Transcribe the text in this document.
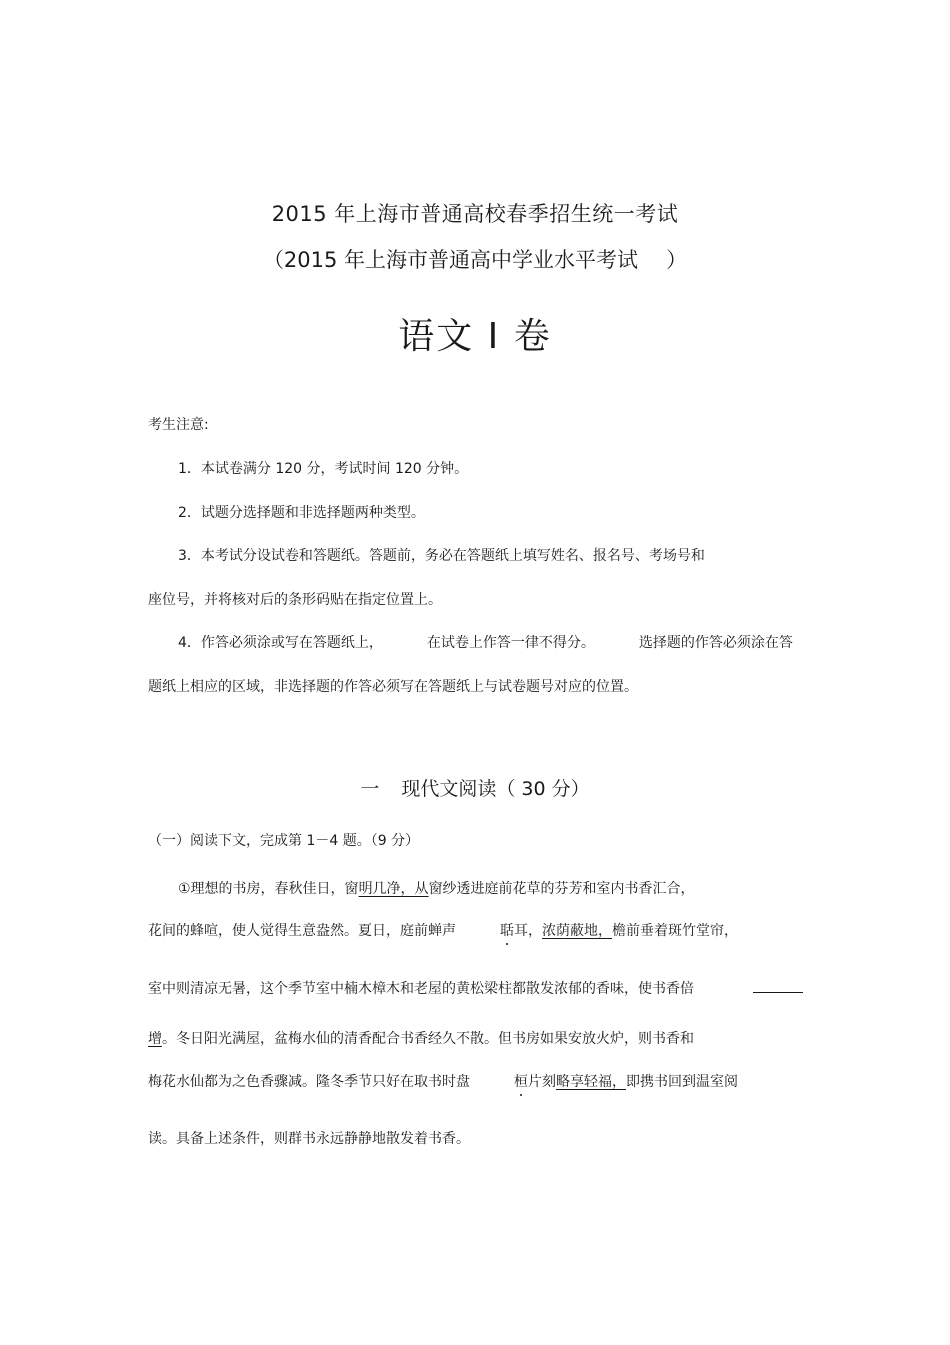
2015 年上海市普通高校春季招生统一考试
（2015 年上海市普通高中学业水平考试 ）
语文 I 卷
考生注意:
1．本试卷满分 120 分，考试时间 120 分钟。
2．试题分选择题和非选择题两种类型。
3．本考试分设试卷和答题纸。答题前，务必在答题纸上填写姓名、报名号、考场号和
座位号，并将核对后的条形码贴在指定位置上。
4．作答必须涂或写在答题纸上，	在试卷上作答一律不得分。	选择题的作答必须涂在答
题纸上相应的区域，非选择题的作答必须写在答题纸上与试卷题号对应的位置。
一 现代文阅读（ 30 分）
（一）阅读下文，完成第 1－4 题。（9 分）
①理想的书房，春秋佳日，窗明几净，从窗纱透进庭前花草的芬芳和室内书香汇合，
花间的蜂喧，使人觉得生意盎然。夏日，庭前蝉声	聒耳，浓荫蔽地，檐前垂着斑竹堂帘，
室中则清凉无暑，这个季节室中楠木樟木和老屋的黄松梁柱都散发浓郁的香味，使书香倍
增。冬日阳光满屋，盆梅水仙的清香配合书香经久不散。但书房如果安放火炉，则书香和
梅花水仙都为之色香骤减。隆冬季节只好在取书时盘	桓片刻略享轻福，即携书回到温室阅
读。具备上述条件，则群书永远静静地散发着书香。
